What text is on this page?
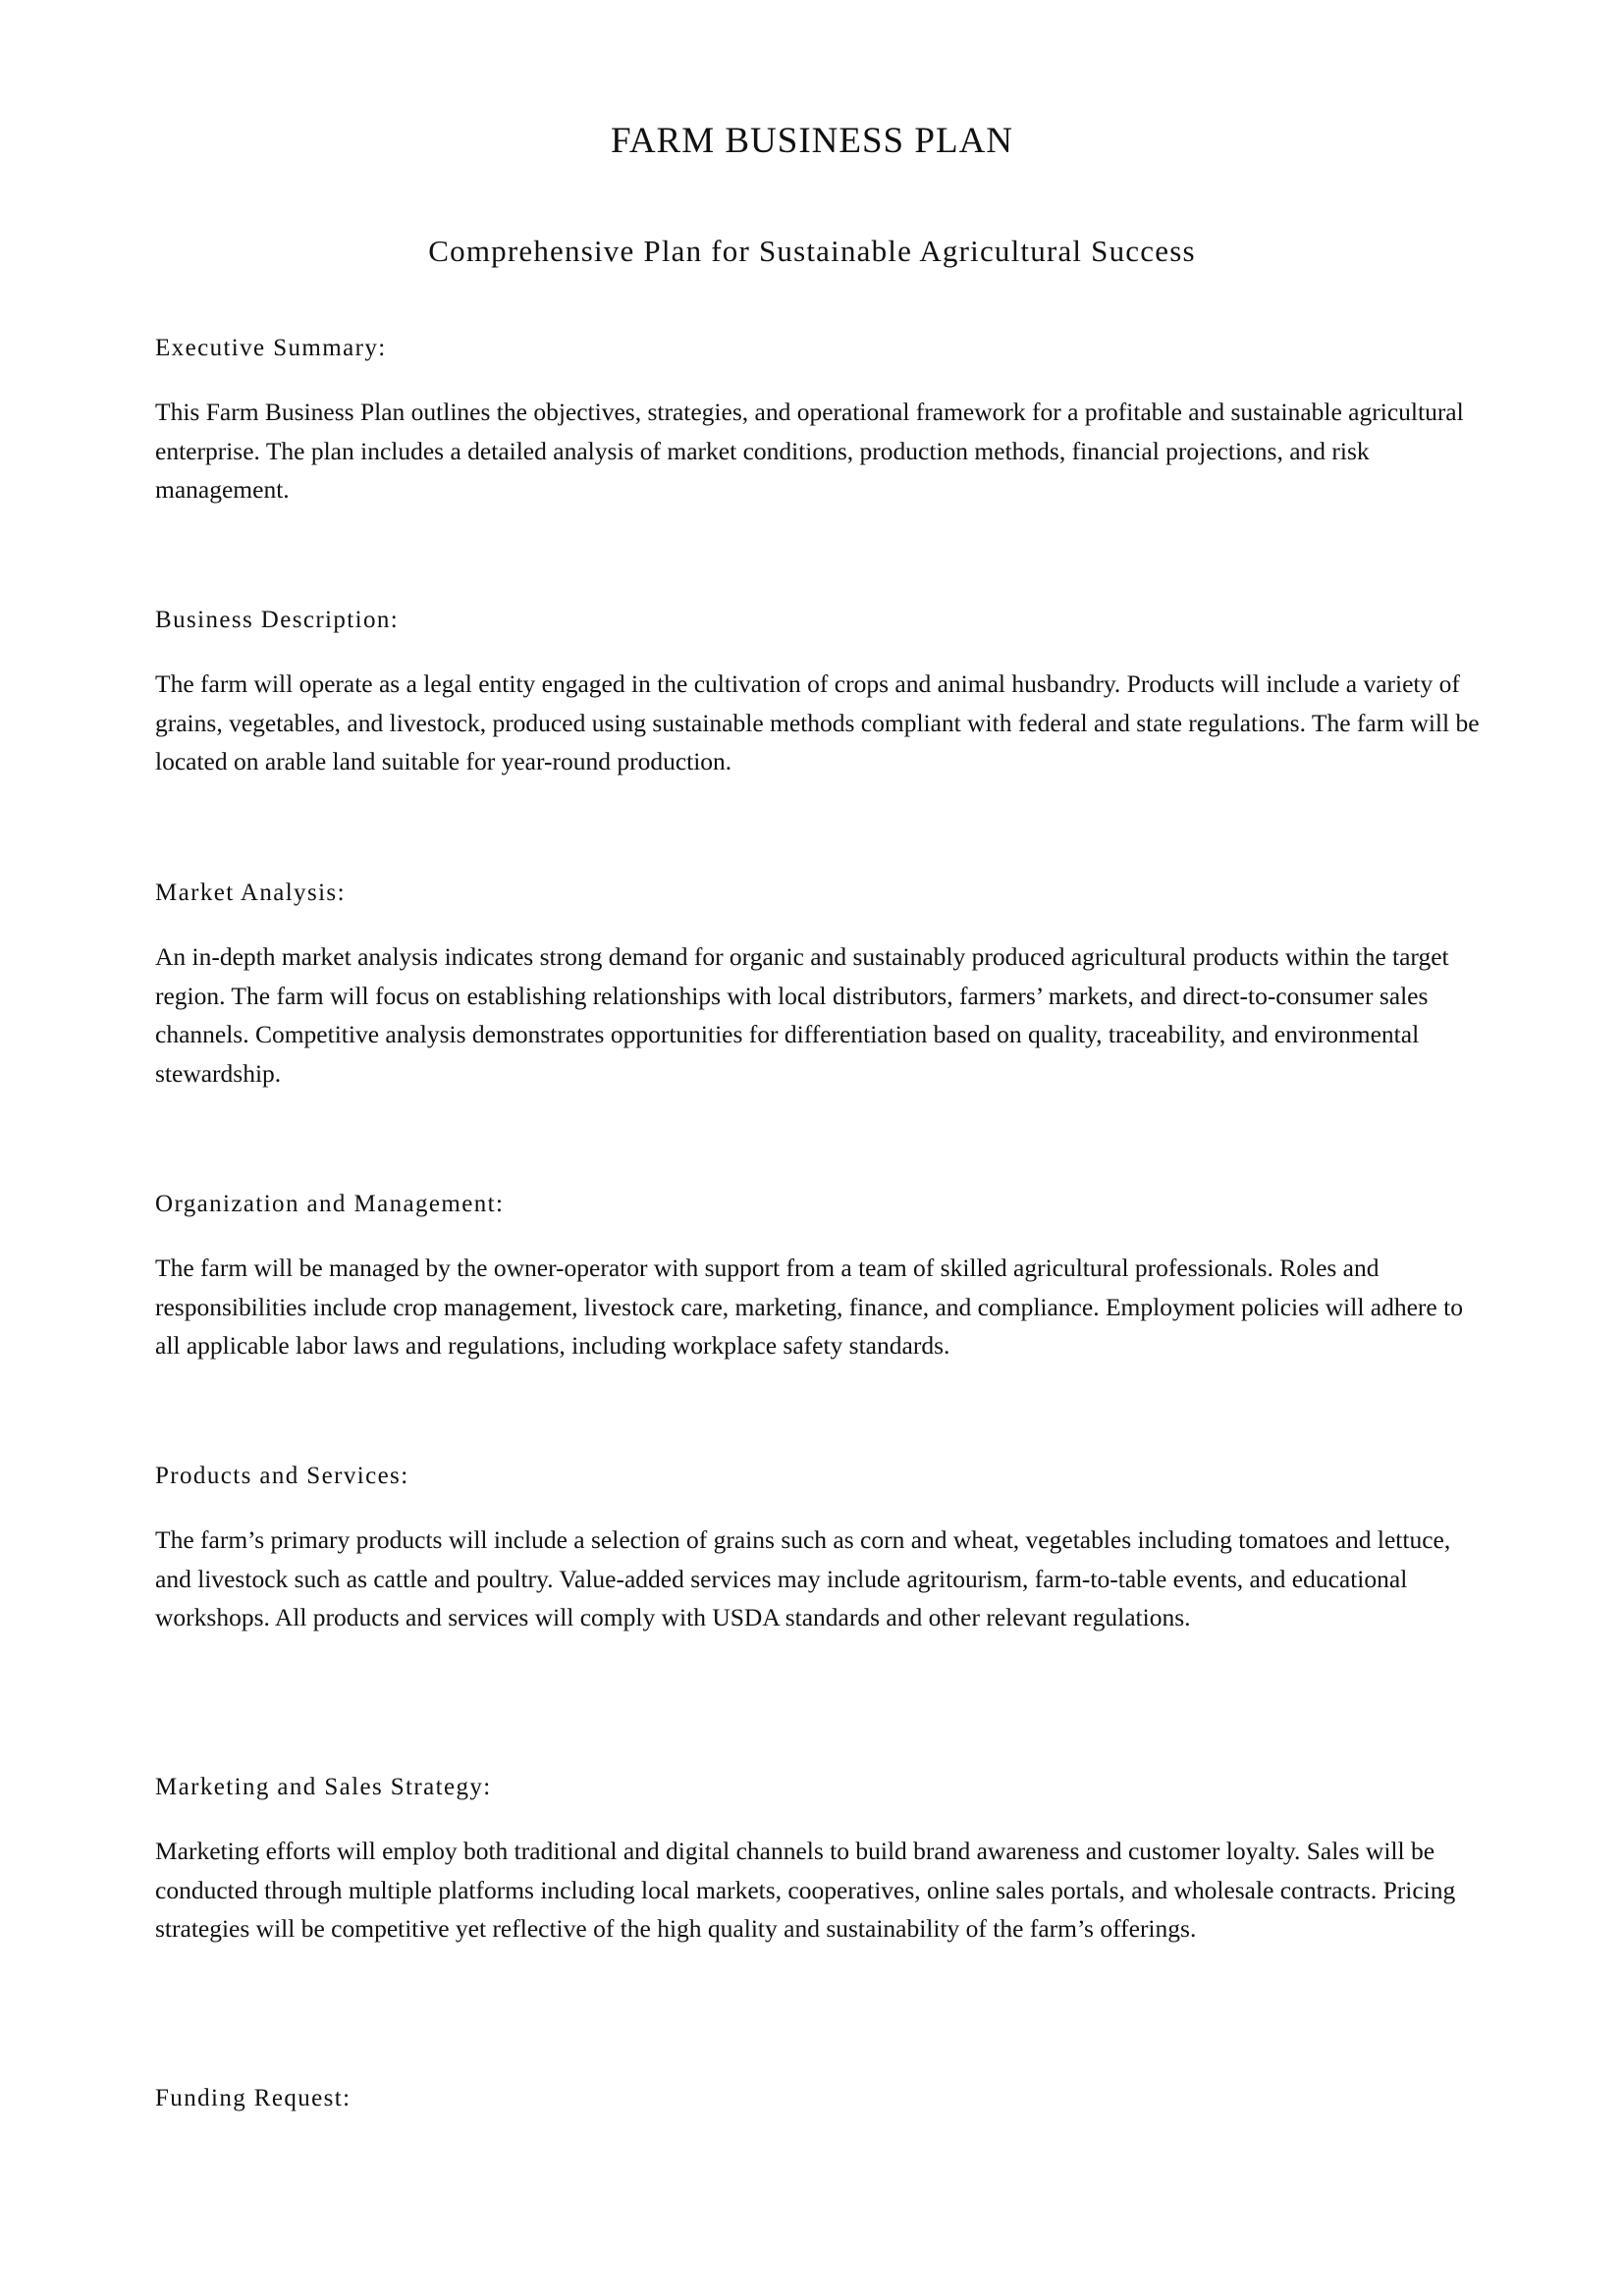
FARM BUSINESS PLAN
Comprehensive Plan for Sustainable Agricultural Success
Executive Summary:

This Farm Business Plan outlines the objectives, strategies, and operational framework for a profitable and sustainable agricultural enterprise. The plan includes a detailed analysis of market conditions, production methods, financial projections, and risk management.

Business Description:

The farm will operate as a legal entity engaged in the cultivation of crops and animal husbandry. Products will include a variety of grains, vegetables, and livestock, produced using sustainable methods compliant with federal and state regulations. The farm will be located on arable land suitable for year-round production.

Market Analysis:

An in-depth market analysis indicates strong demand for organic and sustainably produced agricultural products within the target region. The farm will focus on establishing relationships with local distributors, farmers’ markets, and direct-to-consumer sales channels. Competitive analysis demonstrates opportunities for differentiation based on quality, traceability, and environmental stewardship.

Organization and Management:

The farm will be managed by the owner-operator with support from a team of skilled agricultural professionals. Roles and responsibilities include crop management, livestock care, marketing, finance, and compliance. Employment policies will adhere to all applicable labor laws and regulations, including workplace safety standards.

Products and Services:

The farm’s primary products will include a selection of grains such as corn and wheat, vegetables including tomatoes and lettuce, and livestock such as cattle and poultry. Value-added services may include agritourism, farm-to-table events, and educational workshops. All products and services will comply with USDA standards and other relevant regulations.

Marketing and Sales Strategy:

Marketing efforts will employ both traditional and digital channels to build brand awareness and customer loyalty. Sales will be conducted through multiple platforms including local markets, cooperatives, online sales portals, and wholesale contracts. Pricing strategies will be competitive yet reflective of the high quality and sustainability of the farm’s offerings.

Funding Request:
